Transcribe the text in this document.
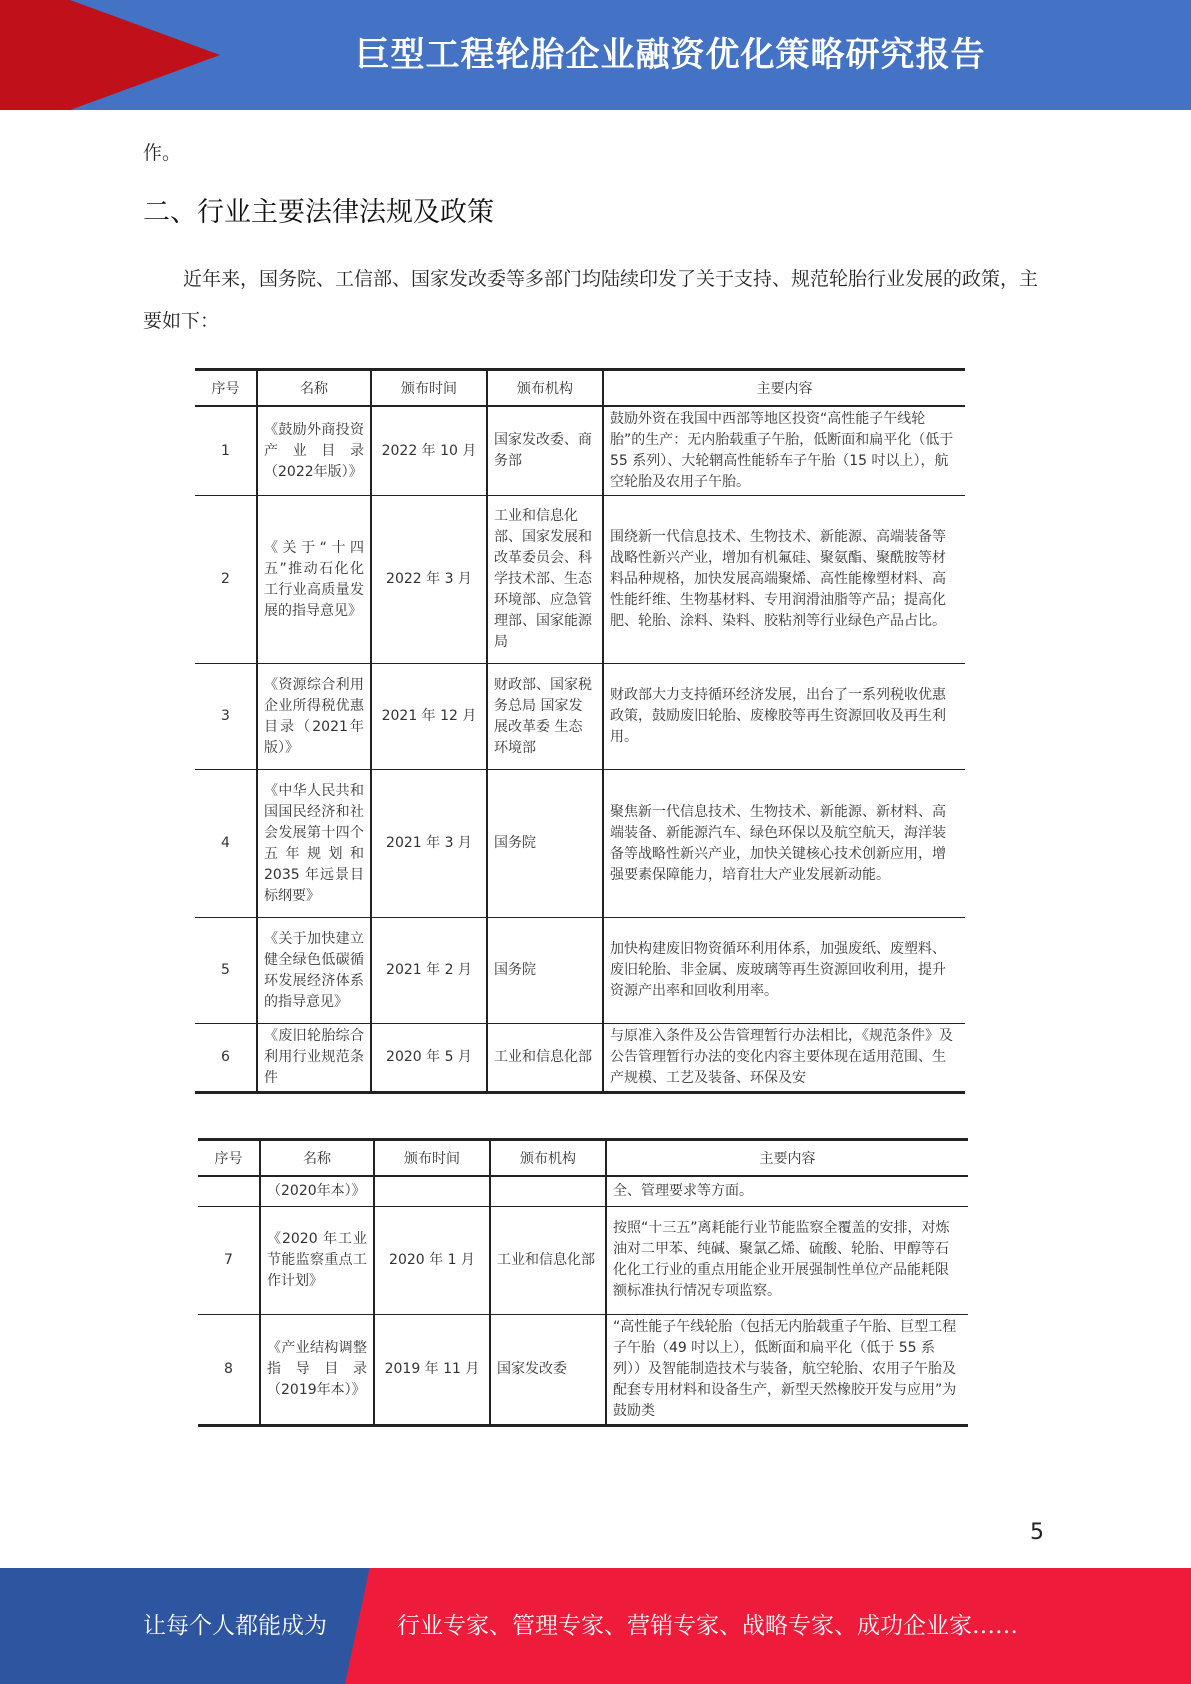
巨型工程轮胎企业融资优化策略研究报告
作。
二、行业主要法律法规及政策
近年来，国务院、工信部、国家发改委等多部门均陆续印发了关于支持、规范轮胎行业发展的政策，主要如下：
序号	名称	颁布时间	颁布机构	主要内容
1	《鼓励外商投资产业目录（2022年版）》	2022 年 10 月	国家发改委、商务部	鼓励外资在我国中西部等地区投资“高性能子午线轮胎”的生产：无内胎载重子午胎，低断面和扁平化（低于 55 系列）、大轮辋高性能轿车子午胎（15 吋以上），航空轮胎及农用子午胎。
2	《关于“十四五”推动石化化工行业高质量发展的指导意见》	2022 年 3 月	工业和信息化部、国家发展和改革委员会、科学技术部、生态环境部、应急管理部、国家能源局	围绕新一代信息技术、生物技术、新能源、高端装备等战略性新兴产业，增加有机氟硅、聚氨酯、聚酰胺等材料品种规格，加快发展高端聚烯、高性能橡塑材料、高性能纤维、生物基材料、专用润滑油脂等产品；提高化肥、轮胎、涂料、染料、胶粘剂等行业绿色产品占比。
3	《资源综合利用企业所得税优惠目录（2021年版）》	2021 年 12 月	财政部、国家税务总局 国家发展改革委 生态环境部	财政部大力支持循环经济发展，出台了一系列税收优惠政策，鼓励废旧轮胎、废橡胶等再生资源回收及再生利用。
4	《中华人民共和国国民经济和社会发展第十四个五年规划和2035 年远景目标纲要》	2021 年 3 月	国务院	聚焦新一代信息技术、生物技术、新能源、新材料、高端装备、新能源汽车、绿色环保以及航空航天，海洋装备等战略性新兴产业，加快关键核心技术创新应用，增强要素保障能力，培育壮大产业发展新动能。
5	《关于加快建立健全绿色低碳循环发展经济体系的指导意见》	2021 年 2 月	国务院	加快构建废旧物资循环利用体系，加强废纸、废塑料、废旧轮胎、非金属、废玻璃等再生资源回收利用，提升资源产出率和回收利用率。
6	《废旧轮胎综合利用行业规范条件	2020 年 5 月	工业和信息化部	与原准入条件及公告管理暂行办法相比，《规范条件》及公告管理暂行办法的变化内容主要体现在适用范围、生产规模、工艺及装备、环保及安
序号	名称	颁布时间	颁布机构	主要内容
	（2020年本）》			全、管理要求等方面。
7	《2020 年工业节能监察重点工作计划》	2020 年 1 月	工业和信息化部	按照“十三五”离耗能行业节能监察全覆盖的安排，对炼油对二甲苯、纯碱、聚氯乙烯、硫酸、轮胎、甲醇等石化化工行业的重点用能企业开展强制性单位产品能耗限额标准执行情况专项监察。
8	《产业结构调整指导目录（2019年本）》	2019 年 11 月	国家发改委	“高性能子午线轮胎（包括无内胎载重子午胎、巨型工程子午胎（49 吋以上），低断面和扁平化（低于 55 系列））及智能制造技术与装备，航空轮胎、农用子午胎及配套专用材料和设备生产，新型天然橡胶开发与应用”为鼓励类
5
让每个人都能成为	行业专家、管理专家、营销专家、战略专家、成功企业家……
